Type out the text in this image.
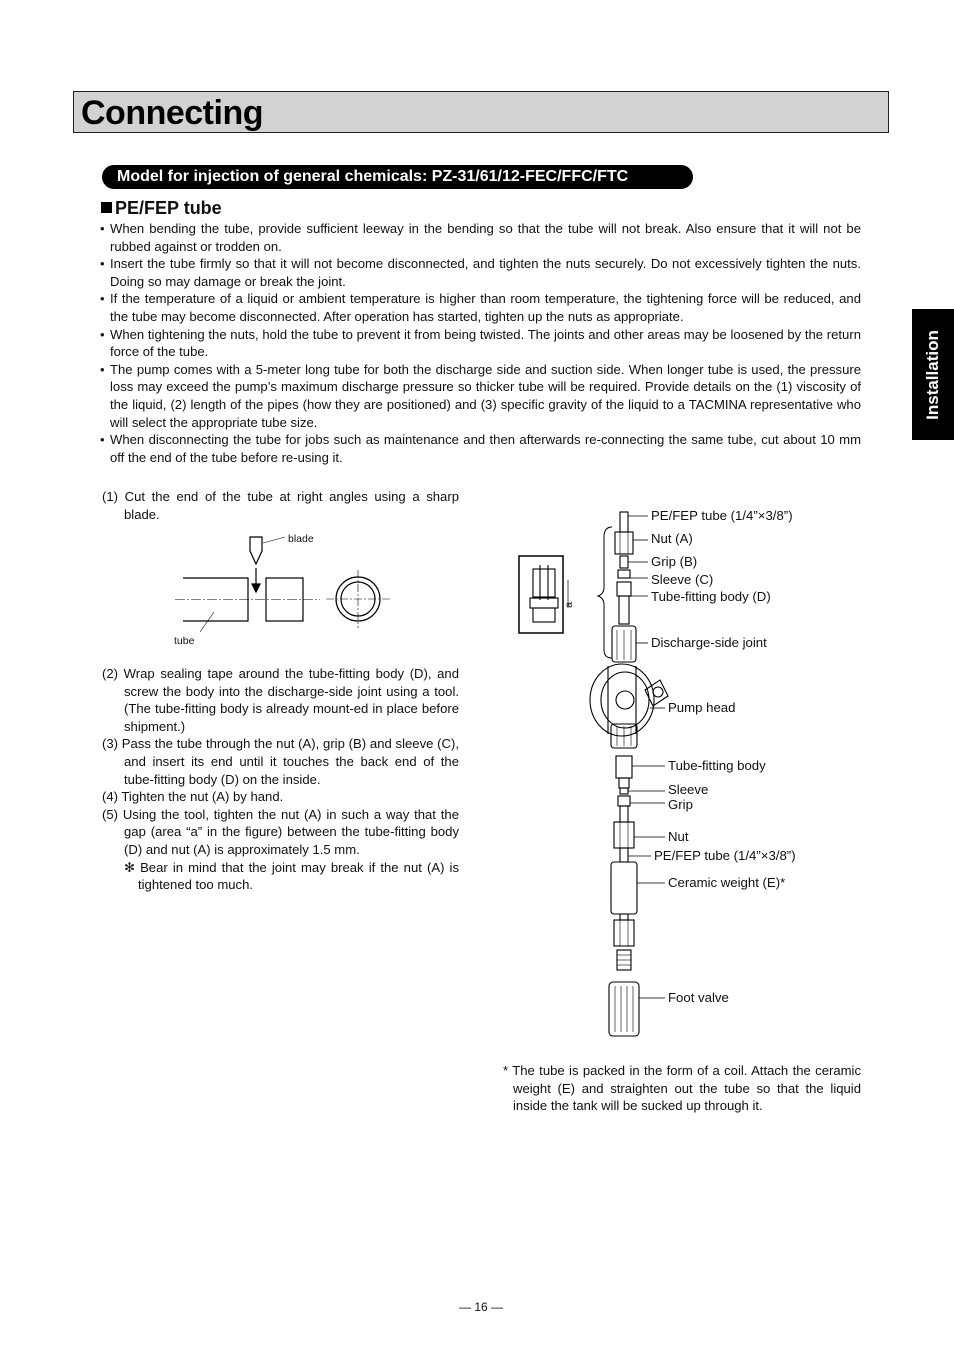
Connecting
Model for injection of general chemicals: PZ-31/61/12-FEC/FFC/FTC
PE/FEP tube
• When bending the tube, provide sufficient leeway in the bending so that the tube will not break. Also ensure that it will not be rubbed against or trodden on.
• Insert the tube firmly so that it will not become disconnected, and tighten the nuts securely. Do not excessively tighten the nuts. Doing so may damage or break the joint.
• If the temperature of a liquid or ambient temperature is higher than room temperature, the tightening force will be reduced, and the tube may become disconnected. After operation has started, tighten up the nuts as appropriate.
• When tightening the nuts, hold the tube to prevent it from being twisted. The joints and other areas may be loosened by the return force of the tube.
• The pump comes with a 5-meter long tube for both the discharge side and suction side. When longer tube is used, the pressure loss may exceed the pump’s maximum discharge pressure so thicker tube will be required. Provide details on the (1) viscosity of the liquid, (2) length of the pipes (how they are positioned) and (3) specific gravity of the liquid to a TACMINA representative who will select the appropriate tube size.
• When disconnecting the tube for jobs such as maintenance and then afterwards re-connecting the same tube, cut about 10 mm off the end of the tube before re-using it.
(1) Cut the end of the tube at right angles using a sharp blade.
(2) Wrap sealing tape around the tube-fitting body (D), and screw the body into the discharge-side joint using a tool. (The tube-fitting body is already mount-ed in place before shipment.)
(3) Pass the tube through the nut (A), grip (B) and sleeve (C), and insert its end until it touches the back end of the tube-fitting body (D) on the inside.
(4) Tighten the nut (A) by hand.
(5) Using the tool, tighten the nut (A) in such a way that the gap (area “a” in the figure) between the tube-fitting body (D) and nut (A) is approximately 1.5 mm.
✻ Bear in mind that the joint may break if the nut (A) is tightened too much.
blade
tube
PE/FEP tube (1/4”×3/8”)
Nut (A)
Grip (B)
Sleeve (C)
Tube-fitting body (D)
Discharge-side joint
Pump head
Tube-fitting body
Sleeve
Grip
Nut
PE/FEP tube (1/4”×3/8”)
Ceramic weight (E)*
Foot valve
a
* The tube is packed in the form of a coil. Attach the ceramic weight (E) and straighten out the tube so that the liquid inside the tank will be sucked up through it.
Installation
— 16 —
